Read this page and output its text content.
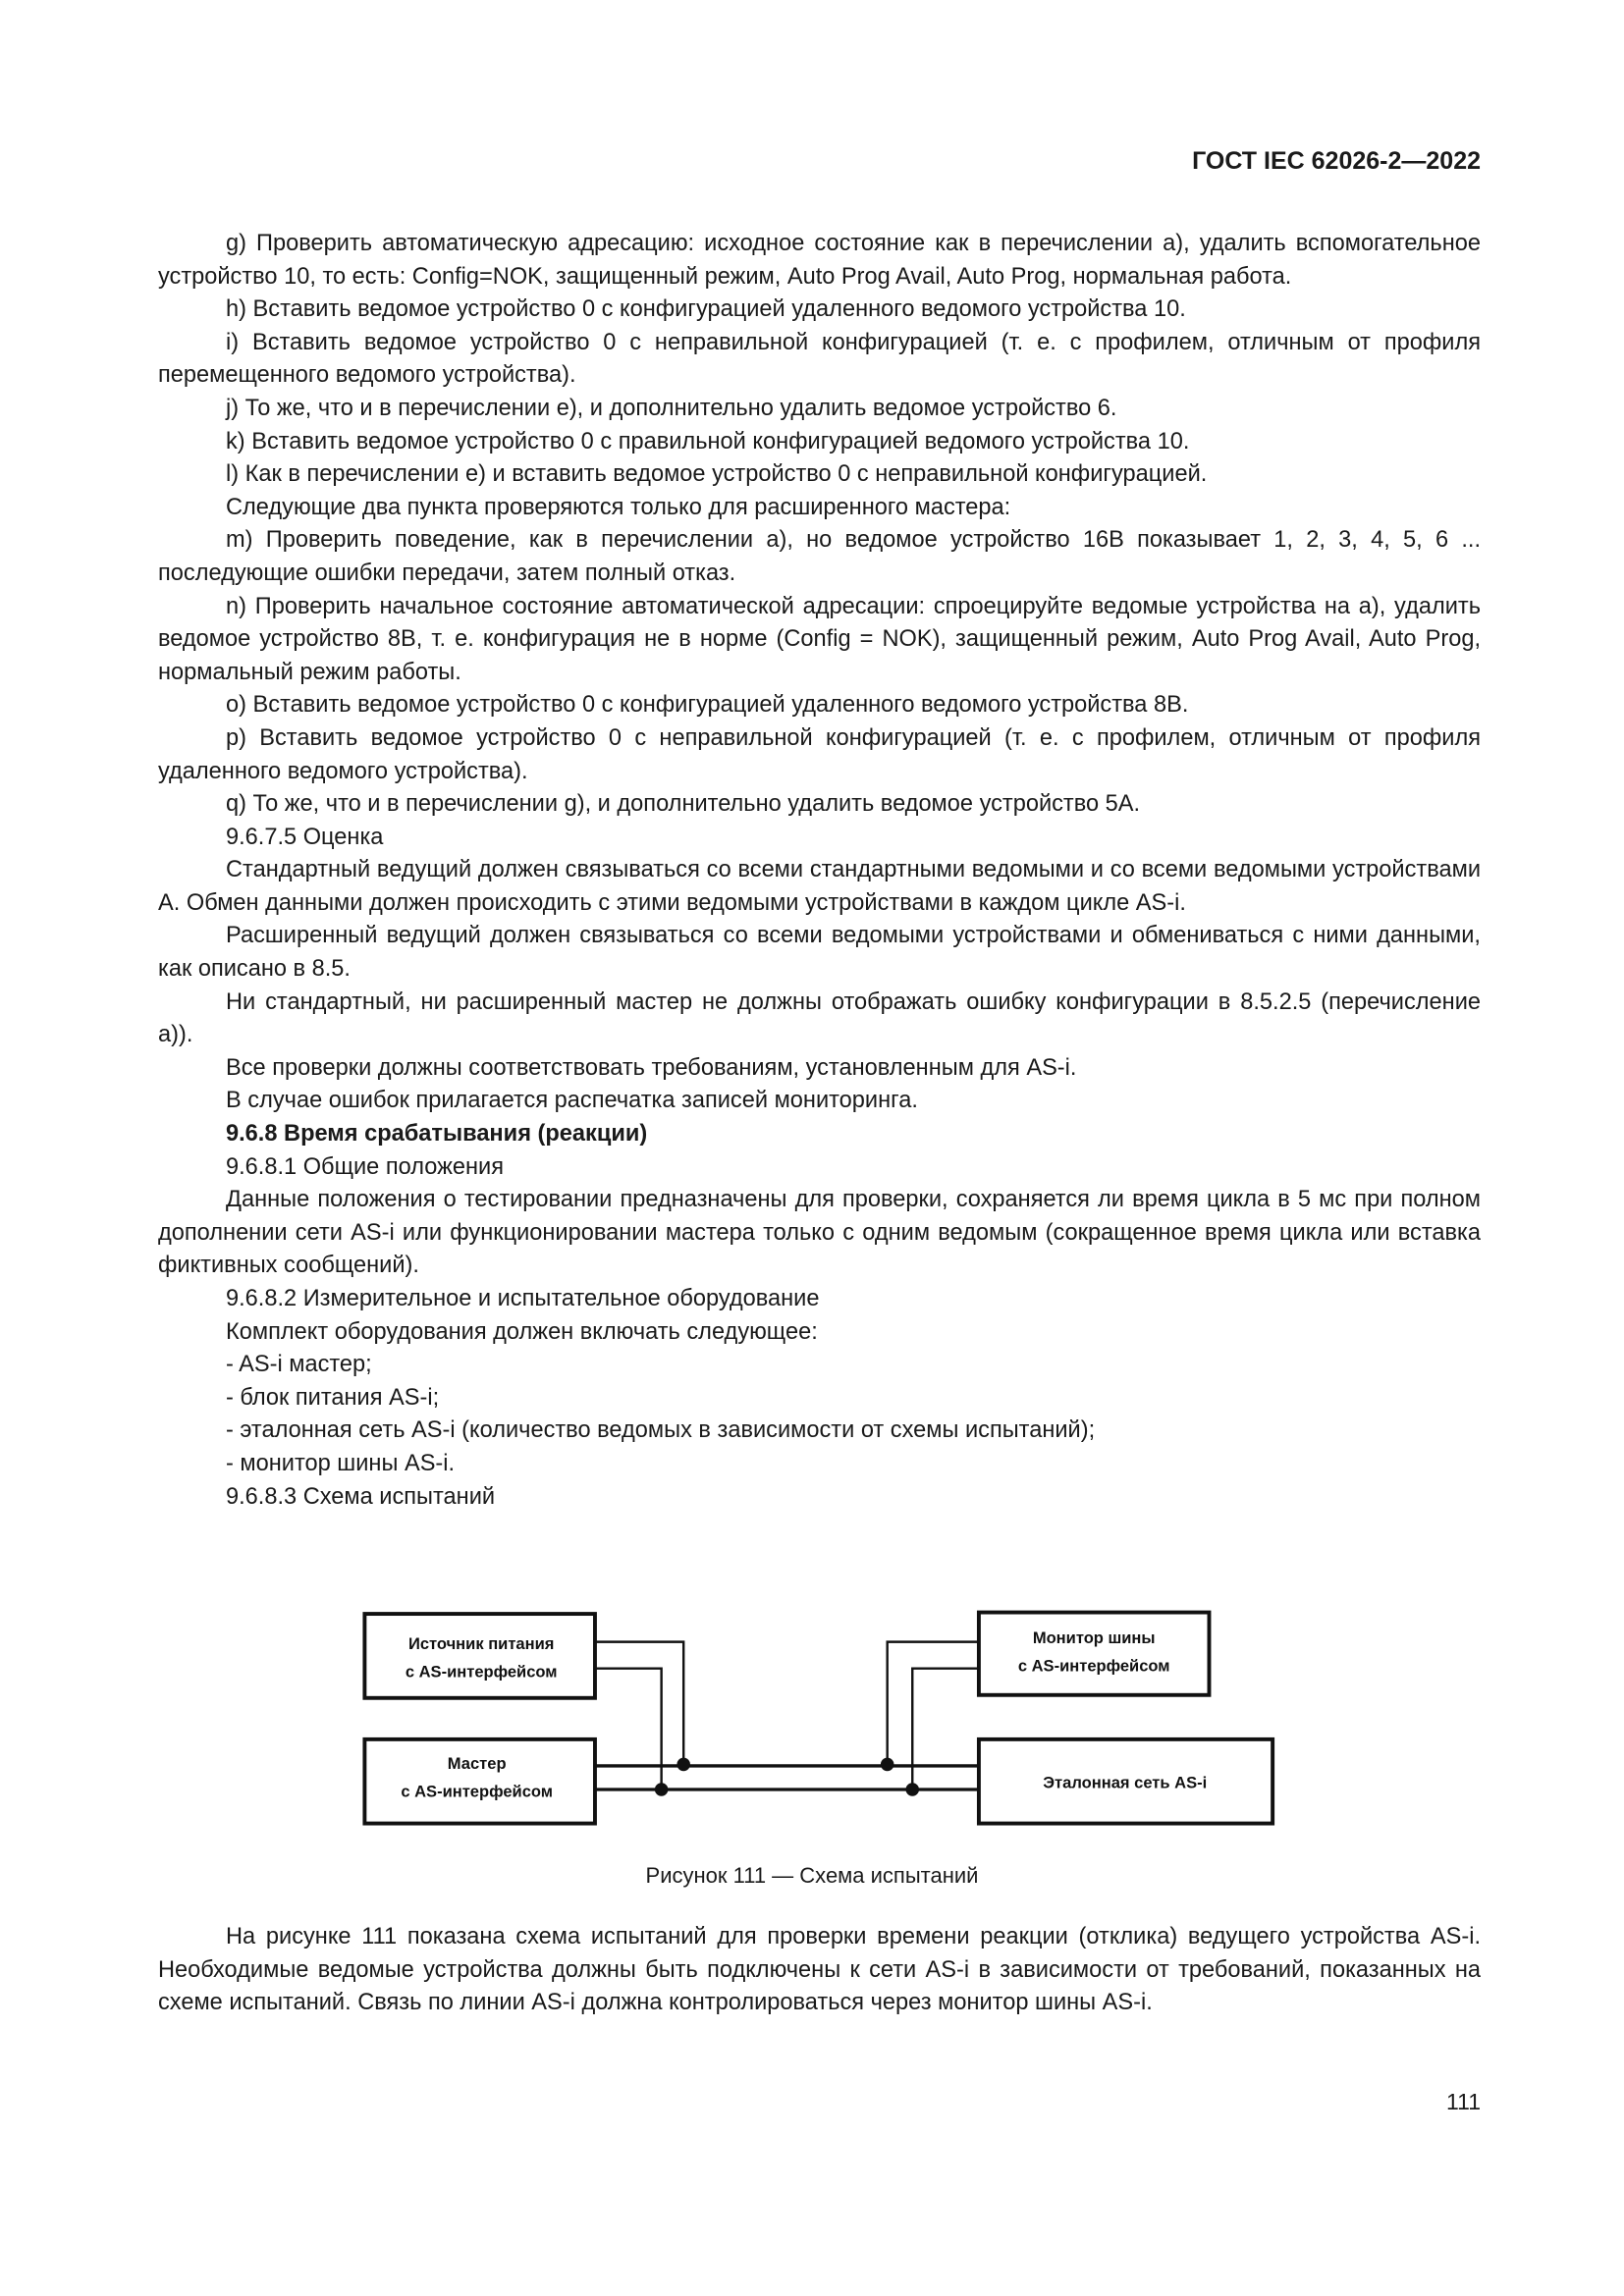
ГОСТ IEC 62026-2—2022

g) Проверить автоматическую адресацию: исходное состояние как в перечислении а), удалить вспомогательное устройство 10, то есть: Config=NOK, защищенный режим, Auto Prog Avail, Auto Prog, нормальная работа.

h) Вставить ведомое устройство 0 с конфигурацией удаленного ведомого устройства 10.

i) Вставить ведомое устройство 0 с неправильной конфигурацией (т. е. с профилем, отличным от профиля перемещенного ведомого устройства).

j) То же, что и в перечислении е), и дополнительно удалить ведомое устройство 6.

k) Вставить ведомое устройство 0 с правильной конфигурацией ведомого устройства 10.

l) Как в перечислении е) и вставить ведомое устройство 0 с неправильной конфигурацией.

Следующие два пункта проверяются только для расширенного мастера:

m) Проверить поведение, как в перечислении а), но ведомое устройство 16В показывает 1, 2, 3, 4, 5, 6 ... последующие ошибки передачи, затем полный отказ.

n) Проверить начальное состояние автоматической адресации: спроецируйте ведомые устройства на а), удалить ведомое устройство 8В, т. е. конфигурация не в норме (Config = NOK), защищенный режим, Auto Prog Avail, Auto Prog, нормальный режим работы.

o) Вставить ведомое устройство 0 с конфигурацией удаленного ведомого устройства 8В.

p) Вставить ведомое устройство 0 с неправильной конфигурацией (т. е. с профилем, отличным от профиля удаленного ведомого устройства).

q) То же, что и в перечислении g), и дополнительно удалить ведомое устройство 5А.

9.6.7.5 Оценка

Стандартный ведущий должен связываться со всеми стандартными ведомыми и со всеми ведомыми устройствами А. Обмен данными должен происходить с этими ведомыми устройствами в каждом цикле AS-i.

Расширенный ведущий должен связываться со всеми ведомыми устройствами и обмениваться с ними данными, как описано в 8.5.

Ни стандартный, ни расширенный мастер не должны отображать ошибку конфигурации в 8.5.2.5 (перечисление а)).

Все проверки должны соответствовать требованиям, установленным для AS-i.

В случае ошибок прилагается распечатка записей мониторинга.

9.6.8 Время срабатывания (реакции)

9.6.8.1 Общие положения

Данные положения о тестировании предназначены для проверки, сохраняется ли время цикла в 5 мс при полном дополнении сети AS-i или функционировании мастера только с одним ведомым (сокращенное время цикла или вставка фиктивных сообщений).

9.6.8.2 Измерительное и испытательное оборудование

Комплект оборудования должен включать следующее:

- AS-i мастер;

- блок питания AS-i;

- эталонная сеть AS-i (количество ведомых в зависимости от схемы испытаний);

- монитор шины AS-i.

9.6.8.3 Схема испытаний

Источник питания
с AS-интерфейсом
Мастер
с AS-интерфейсом
Монитор шины
с AS-интерфейсом
Эталонная сеть AS-i
Рисунок 111 — Схема испытаний

На рисунке 111 показана схема испытаний для проверки времени реакции (отклика) ведущего устройства AS-i. Необходимые ведомые устройства должны быть подключены к сети AS-i в зависимости от требований, показанных на схеме испытаний. Связь по линии AS-i должна контролироваться через монитор шины AS-i.

111
